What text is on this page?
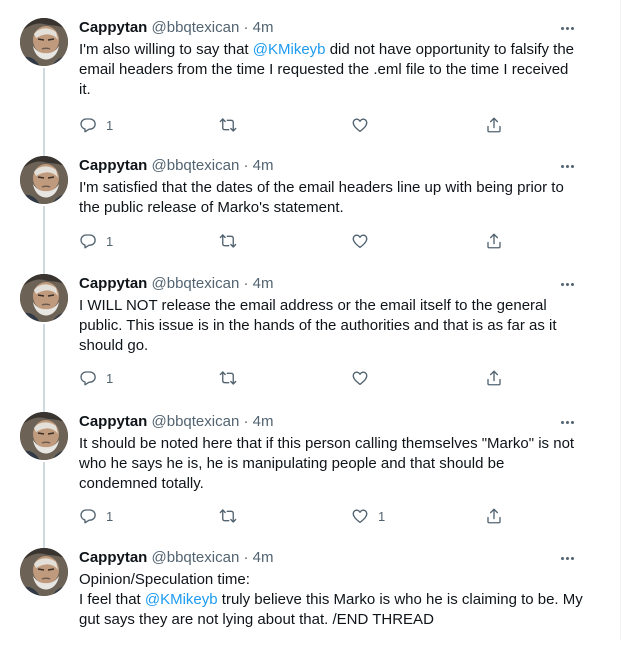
Cappytan @bbqtexican · 4m
I'm also willing to say that @KMikeyb did not have opportunity to falsify the
email headers from the time I requested the .eml file to the time I received
it.
1
Cappytan @bbqtexican · 4m
I'm satisfied that the dates of the email headers line up with being prior to
the public release of Marko's statement.
1
Cappytan @bbqtexican · 4m
I WILL NOT release the email address or the email itself to the general
public. This issue is in the hands of the authorities and that is as far as it
should go.
1
Cappytan @bbqtexican · 4m
It should be noted here that if this person calling themselves "Marko" is not
who he says he is, he is manipulating people and that should be
condemned totally.
1	1
Cappytan @bbqtexican · 4m
Opinion/Speculation time:
I feel that @KMikeyb truly believe this Marko is who he is claiming to be. My
gut says they are not lying about that. /END THREAD
